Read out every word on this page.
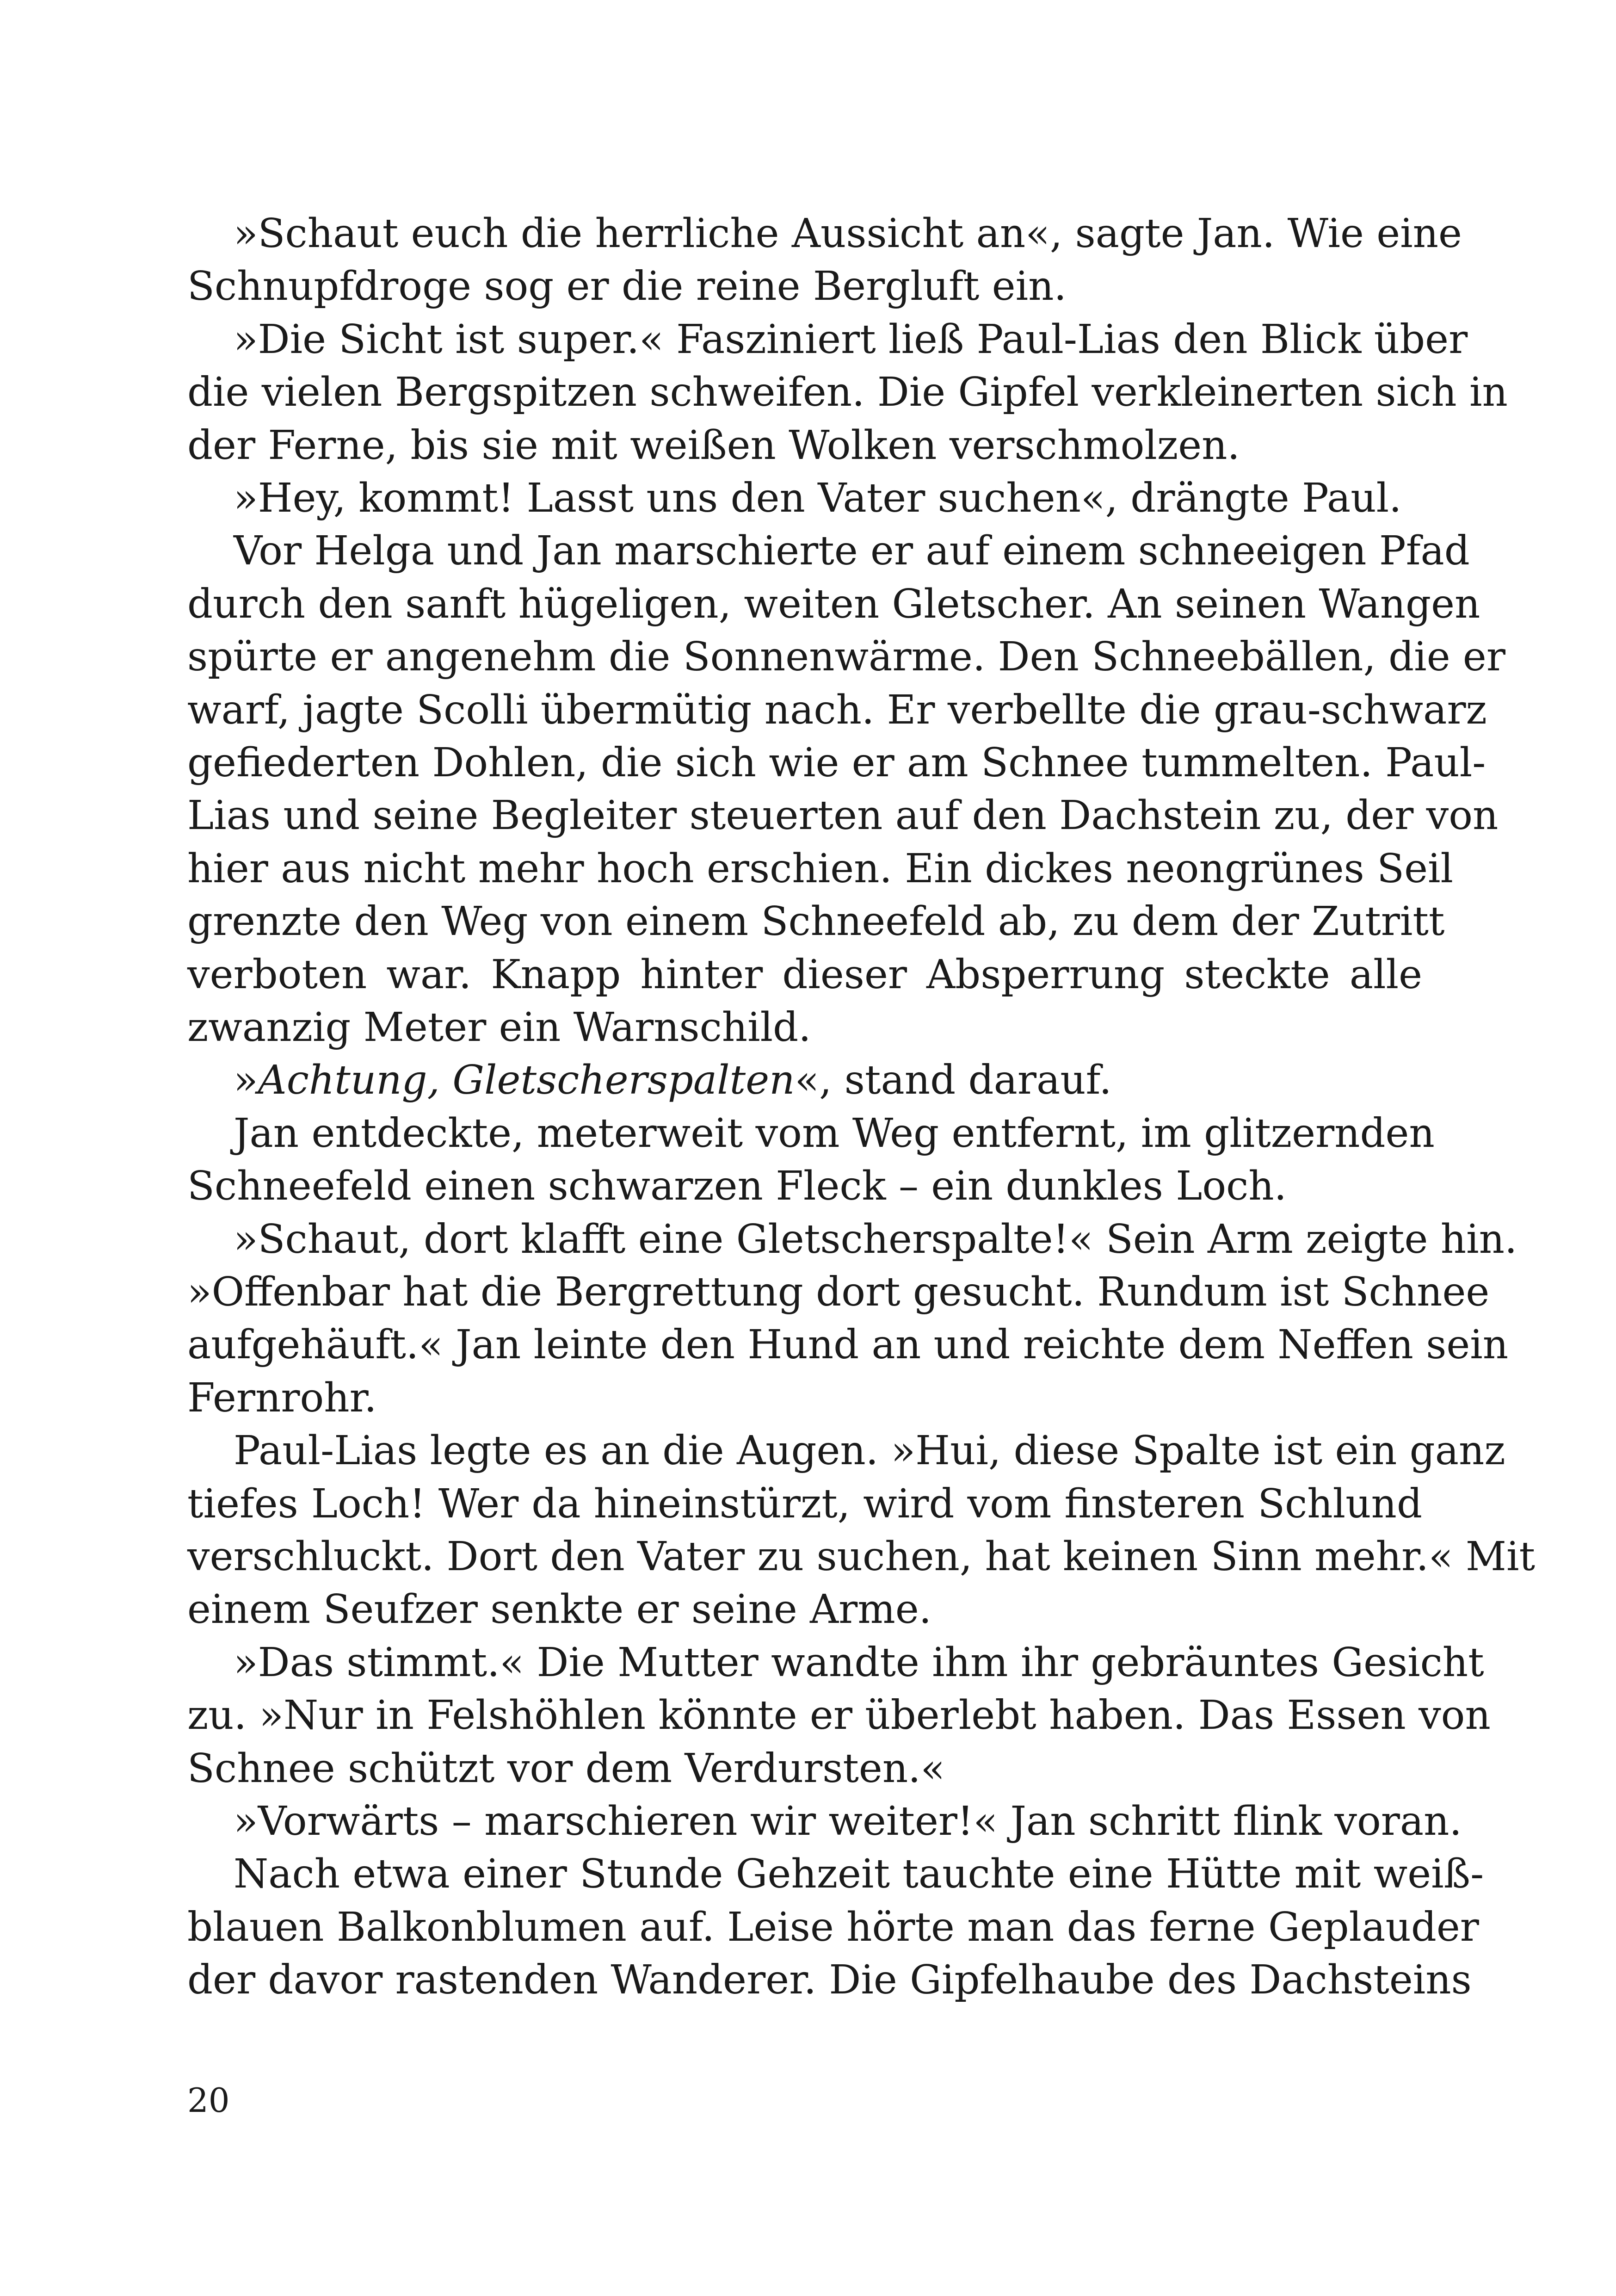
»Schaut euch die herrliche Aussicht an«, sagte Jan. Wie eine
Schnupfdroge sog er die reine Bergluft ein.
»Die Sicht ist super.« Fasziniert ließ Paul-Lias den Blick über
die vielen Bergspitzen schweifen. Die Gipfel verkleinerten sich in
der Ferne, bis sie mit weißen Wolken verschmolzen.
»Hey, kommt! Lasst uns den Vater suchen«, drängte Paul.
Vor Helga und Jan marschierte er auf einem schneeigen Pfad
durch den sanft hügeligen, weiten Gletscher. An seinen Wangen
spürte er angenehm die Sonnenwärme. Den Schneebällen, die er
warf, jagte Scolli übermütig nach. Er verbellte die grau-schwarz
gefiederten Dohlen, die sich wie er am Schnee tummelten. Paul-
Lias und seine Begleiter steuerten auf den Dachstein zu, der von
hier aus nicht mehr hoch erschien. Ein dickes neongrünes Seil
grenzte den Weg von einem Schneefeld ab, zu dem der Zutritt
verboten war. Knapp hinter dieser Absperrung steckte alle
zwanzig Meter ein Warnschild.
»Achtung, Gletscherspalten«, stand darauf.
Jan entdeckte, meterweit vom Weg entfernt, im glitzernden
Schneefeld einen schwarzen Fleck – ein dunkles Loch.
»Schaut, dort klafft eine Gletscherspalte!« Sein Arm zeigte hin.
»Offenbar hat die Bergrettung dort gesucht. Rundum ist Schnee
aufgehäuft.« Jan leinte den Hund an und reichte dem Neffen sein
Fernrohr.
Paul-Lias legte es an die Augen. »Hui, diese Spalte ist ein ganz
tiefes Loch! Wer da hineinstürzt, wird vom finsteren Schlund
verschluckt. Dort den Vater zu suchen, hat keinen Sinn mehr.« Mit
einem Seufzer senkte er seine Arme.
»Das stimmt.« Die Mutter wandte ihm ihr gebräuntes Gesicht
zu. »Nur in Felshöhlen könnte er überlebt haben. Das Essen von
Schnee schützt vor dem Verdursten.«
»Vorwärts – marschieren wir weiter!« Jan schritt flink voran.
Nach etwa einer Stunde Gehzeit tauchte eine Hütte mit weiß-
blauen Balkonblumen auf. Leise hörte man das ferne Geplauder
der davor rastenden Wanderer. Die Gipfelhaube des Dachsteins
20
